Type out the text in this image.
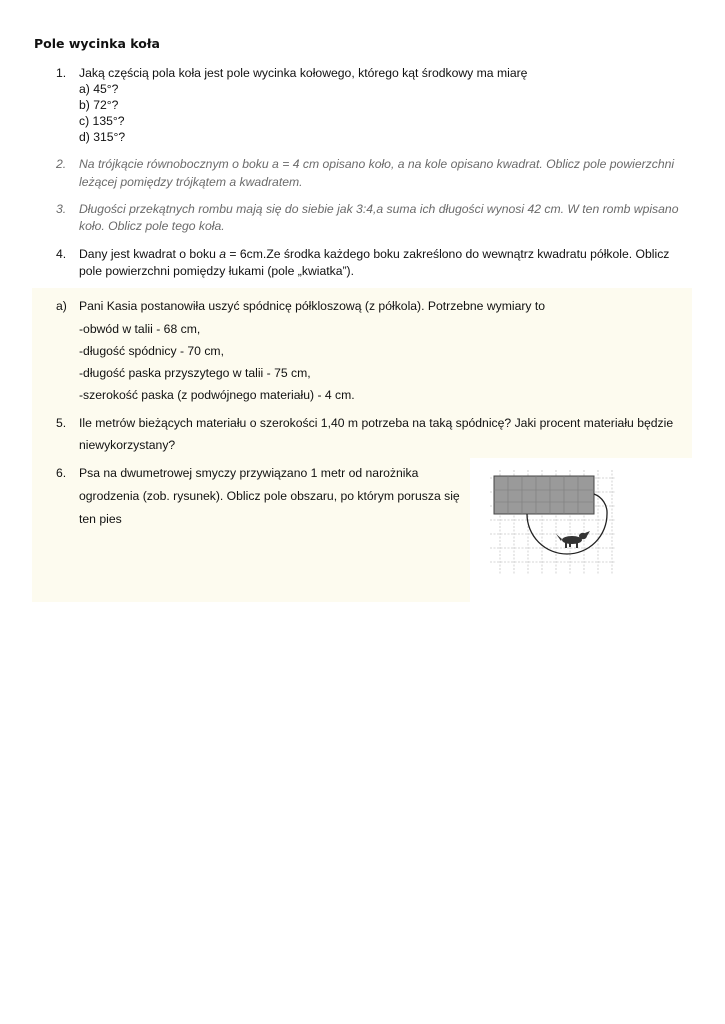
Pole wycinka koła
1. Jaką częścią pola koła jest pole wycinka kołowego, którego kąt środkowy ma miarę
a) 45°?
b) 72°?
c) 135°?
d) 315°?
2. Na trójkącie równobocznym o boku a = 4 cm opisano koło, a na kole opisano kwadrat. Oblicz pole powierzchni
leżącej pomiędzy trójkątem a kwadratem.
3. Długości przekątnych rombu mają się do siebie jak 3:4,a suma ich długości wynosi 42 cm. W ten romb wpisano
koło. Oblicz pole tego koła.
4. Dany jest kwadrat o boku a = 6cm.Ze środka każdego boku zakreślono do wewnątrz kwadratu półkole. Oblicz
pole powierzchni pomiędzy łukami (pole „kwiatka”).
a) Pani Kasia postanowiła uszyć spódnicę półkloszową (z półkola). Potrzebne wymiary to
-obwód w talii - 68 cm,
-długość spódnicy - 70 cm,
-długość paska przyszytego w talii - 75 cm,
-szerokość paska (z podwójnego materiału) - 4 cm.
5. Ile metrów bieżących materiału o szerokości 1,40 m potrzeba na taką spódnicę? Jaki procent materiału będzie
niewykorzystany?
6. Psa na dwumetrowej smyczy przywiązano 1 metr od narożnika
ogrodzenia (zob. rysunek). Oblicz pole obszaru, po którym porusza się
ten pies
